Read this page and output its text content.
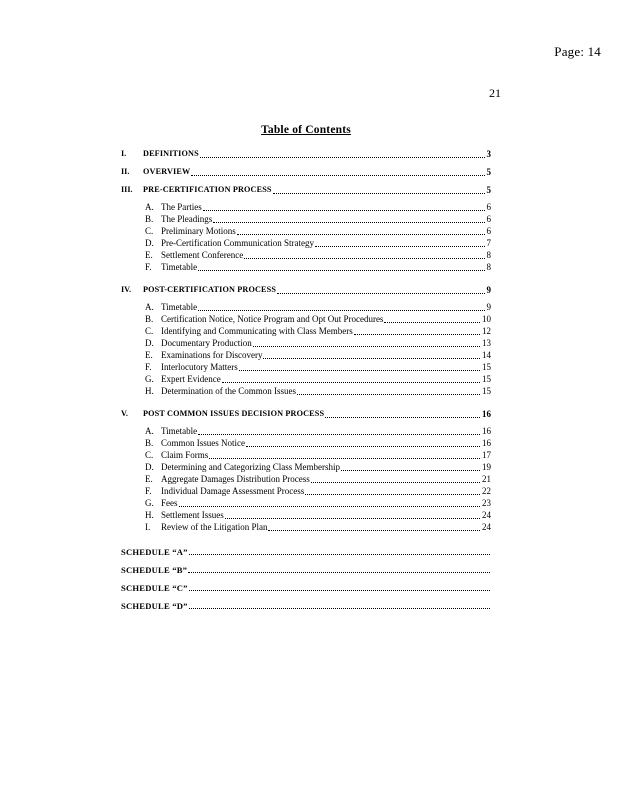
Page: 14
21
Table of Contents
I.	DEFINITIONS	3
II.	OVERVIEW	5
III.	PRE-CERTIFICATION PROCESS	5
A. The Parties	6
B. The Pleadings	6
C. Preliminary Motions	6
D. Pre-Certification Communication Strategy	7
E. Settlement Conference	8
F.	Timetable	8
IV.	POST-CERTIFICATION PROCESS	9
A. Timetable	9
B. Certification Notice, Notice Program and Opt Out Procedures	10
C. Identifying and Communicating with Class Members	12
D. Documentary Production	13
E. Examinations for Discovery	14
F.	Interlocutory Matters	15
G. Expert Evidence	15
H. Determination of the Common Issues	15
V.	POST COMMON ISSUES DECISION PROCESS	16
A. Timetable	16
B. Common Issues Notice	16
C. Claim Forms	17
D. Determining and Categorizing Class Membership	19
E. Aggregate Damages Distribution Process	21
F.	Individual Damage Assessment Process	22
G. Fees	23
H. Settlement Issues	24
I.	Review of the Litigation Plan	24
SCHEDULE “A”
SCHEDULE “B”
SCHEDULE “C”
SCHEDULE “D”
